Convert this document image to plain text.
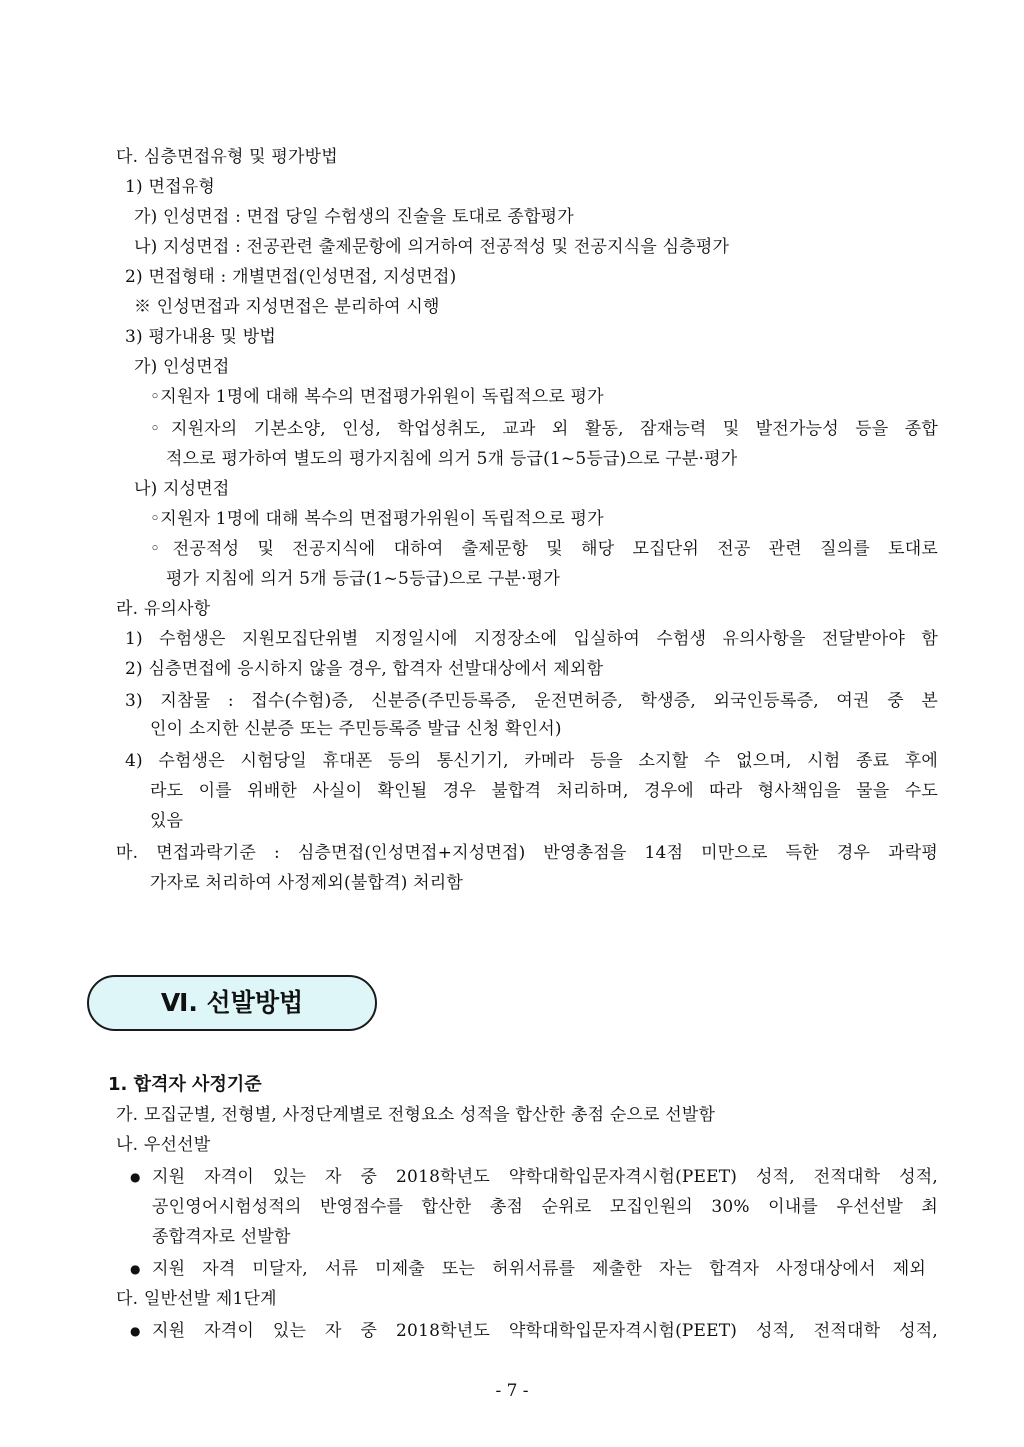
다. 심층면접유형 및 평가방법
1) 면접유형
가) 인성면접 : 면접 당일 수험생의 진술을 토대로 종합평가
나) 지성면접 : 전공관련 출제문항에 의거하여 전공적성 및 전공지식을 심층평가
2) 면접형태 : 개별면접(인성면접, 지성면접)
※ 인성면접과 지성면접은 분리하여 시행
3) 평가내용 및 방법
가) 인성면접
◦지원자 1명에 대해 복수의 면접평가위원이 독립적으로 평가
◦지원자의 기본소양, 인성, 학업성취도, 교과 외 활동, 잠재능력 및 발전가능성 등을 종합
적으로 평가하여 별도의 평가지침에 의거 5개 등급(1~5등급)으로 구분·평가
나) 지성면접
◦지원자 1명에 대해 복수의 면접평가위원이 독립적으로 평가
◦전공적성 및 전공지식에 대하여 출제문항 및 해당 모집단위 전공 관련 질의를 토대로
평가 지침에 의거 5개 등급(1~5등급)으로 구분·평가
라. 유의사항
1) 수험생은 지원모집단위별 지정일시에 지정장소에 입실하여 수험생 유의사항을 전달받아야 함
2) 심층면접에 응시하지 않을 경우, 합격자 선발대상에서 제외함
3) 지참물 : 접수(수험)증, 신분증(주민등록증, 운전면허증, 학생증, 외국인등록증, 여권 중 본
인이 소지한 신분증 또는 주민등록증 발급 신청 확인서)
4) 수험생은 시험당일 휴대폰 등의 통신기기, 카메라 등을 소지할 수 없으며, 시험 종료 후에
라도 이를 위배한 사실이 확인될 경우 불합격 처리하며, 경우에 따라 형사책임을 물을 수도
있음
마. 면접과락기준 : 심층면접(인성면접+지성면접) 반영총점을 14점 미만으로 득한 경우 과락평
가자로 처리하여 사정제외(불합격) 처리함
Ⅵ. 선발방법
1. 합격자 사정기준
가. 모집군별, 전형별, 사정단계별로 전형요소 성적을 합산한 총점 순으로 선발함
나. 우선선발
● 지원 자격이 있는 자 중 2018학년도 약학대학입문자격시험(PEET) 성적, 전적대학 성적,
공인영어시험성적의 반영점수를 합산한 총점 순위로 모집인원의 30% 이내를 우선선발 최
종합격자로 선발함
● 지원 자격 미달자, 서류 미제출 또는 허위서류를 제출한 자는 합격자 사정대상에서 제외
다. 일반선발 제1단계
● 지원 자격이 있는 자 중 2018학년도 약학대학입문자격시험(PEET) 성적, 전적대학 성적,
- 7 -
